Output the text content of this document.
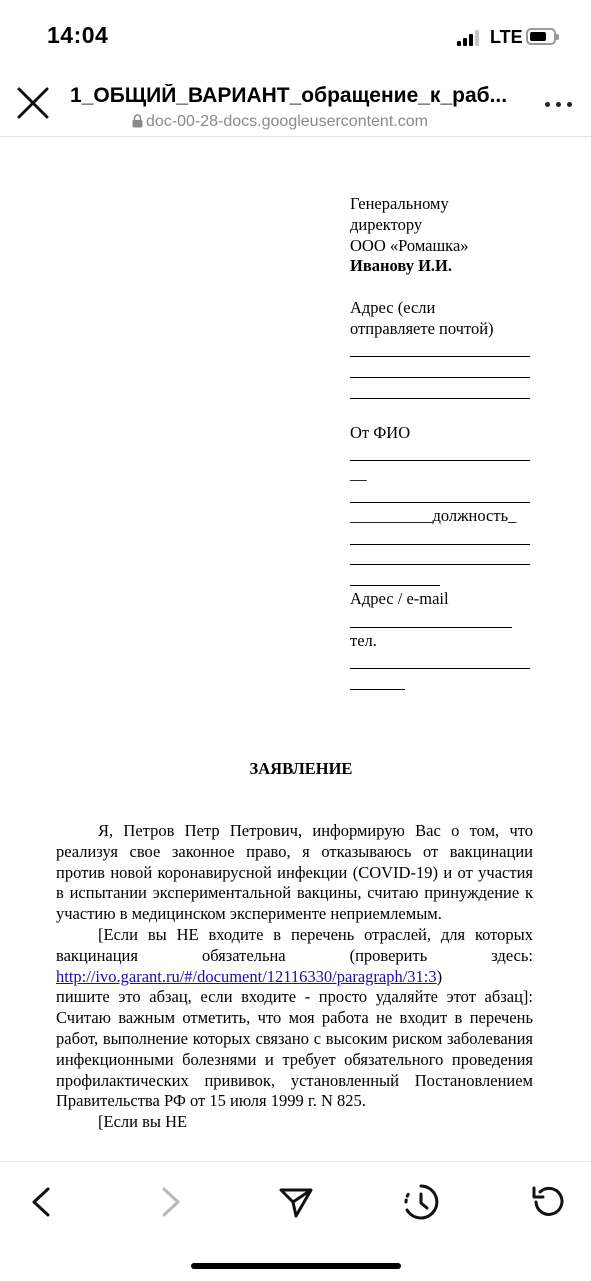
14:04	LTE
1_ОБЩИЙ_ВАРИАНТ_обращение_к_раб...
doc-00-28-docs.googleusercontent.com
Генеральному
директору
ООО «Ромашка»
Иванову И.И.
Адрес (если
отправляете почтой)
От ФИО
__
__________должность_
Адрес / e-mail
тел.
ЗАЯВЛЕНИЕ

Я, Петров Петр Петрович, информирую Вас о том, что реализуя свое законное право, я отказываюсь от вакцинации против новой коронавирусной инфекции (COVID-19) и от участия в испытании экспериментальной вакцины, считаю принуждение к участию в медицинском эксперименте неприемлемым.

[Если вы НЕ входите в перечень отраслей, для которых вакцинация обязательна (проверить здесь: http://ivo.garant.ru/#/document/12116330/paragraph/31:3)

пишите это абзац, если входите - просто удаляйте этот абзац]: Считаю важным отметить, что моя работа не входит в перечень работ, выполнение которых связано с высоким риском заболевания инфекционными болезнями и требует обязательного проведения профилактических прививок, установленный Постановлением Правительства РФ от 15 июля 1999 г. N 825.

[Если вы НЕ
